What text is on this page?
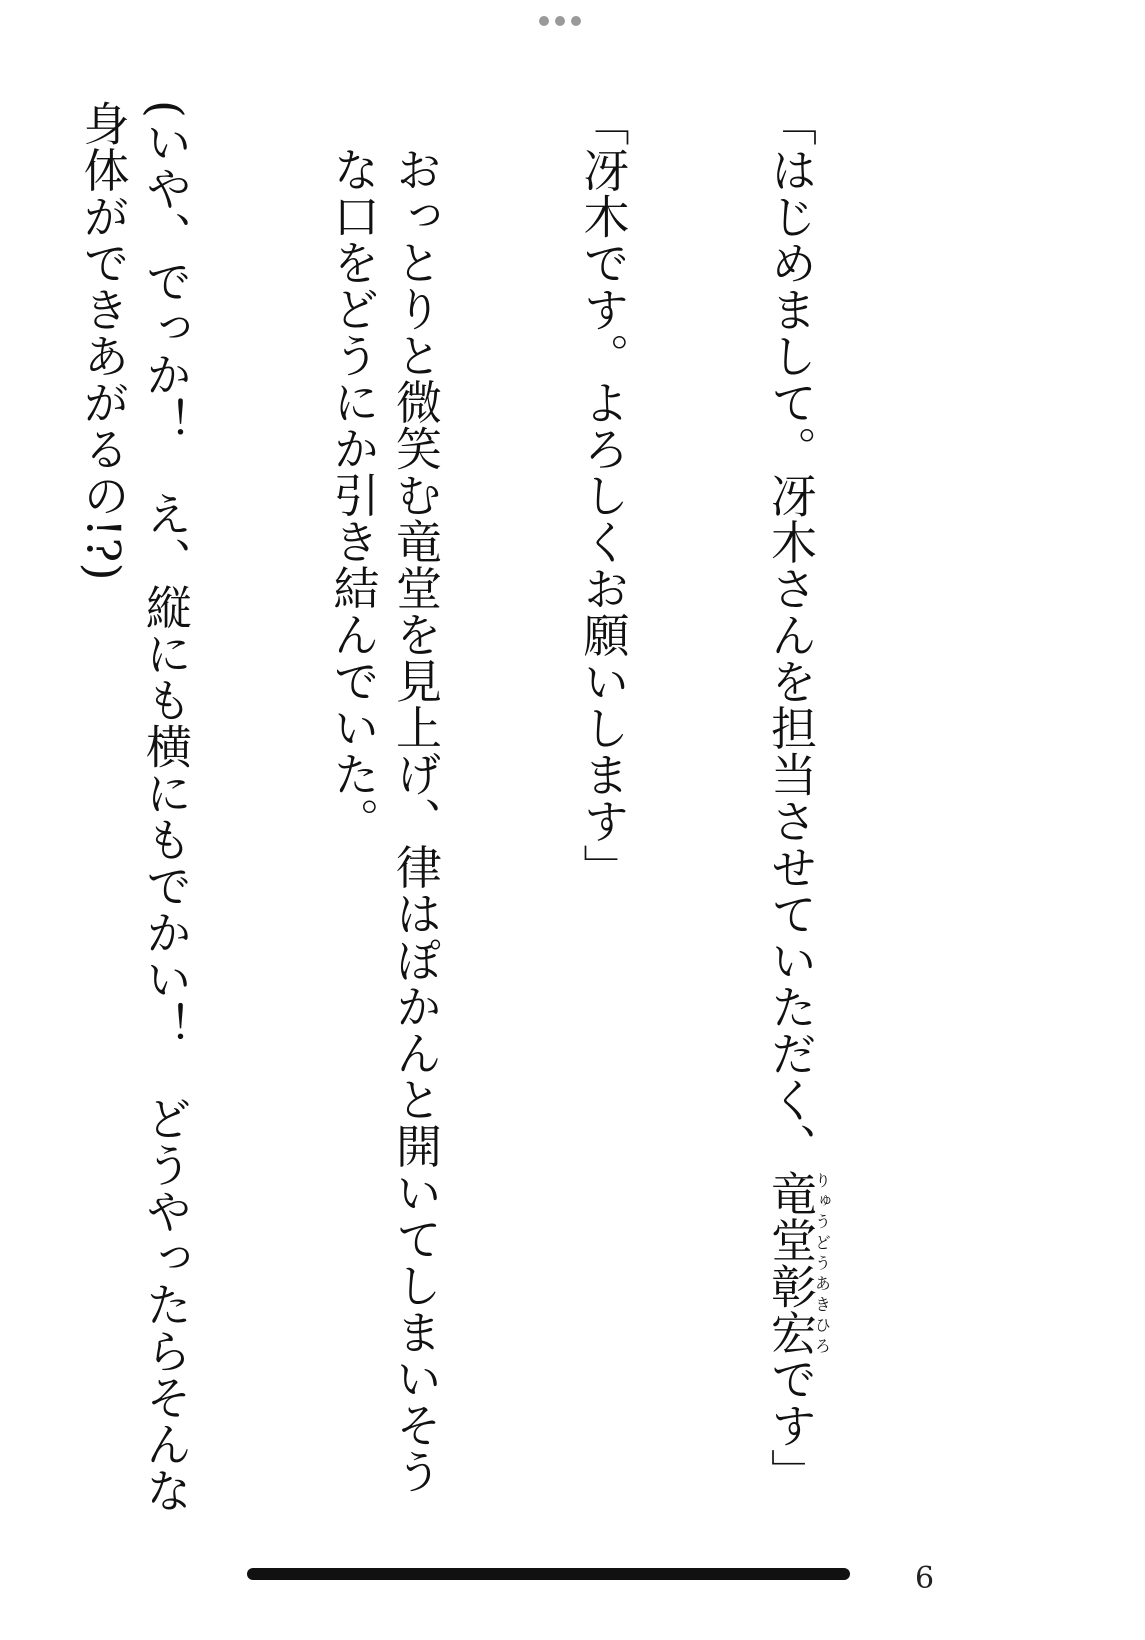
「はじめまして。冴木さんを担当させていただく、竜堂彰宏りゅうどうあきひろです」

「冴木です。よろしくお願いします」

おっとりと微笑む竜堂を見上げ、律はぽかんと開いてしまいそうな口をどうにか引き結んでいた。

(いや、でっか！　え、縦にも横にもでかい！　どうやったらそんな身体ができあがるの!?)

6
